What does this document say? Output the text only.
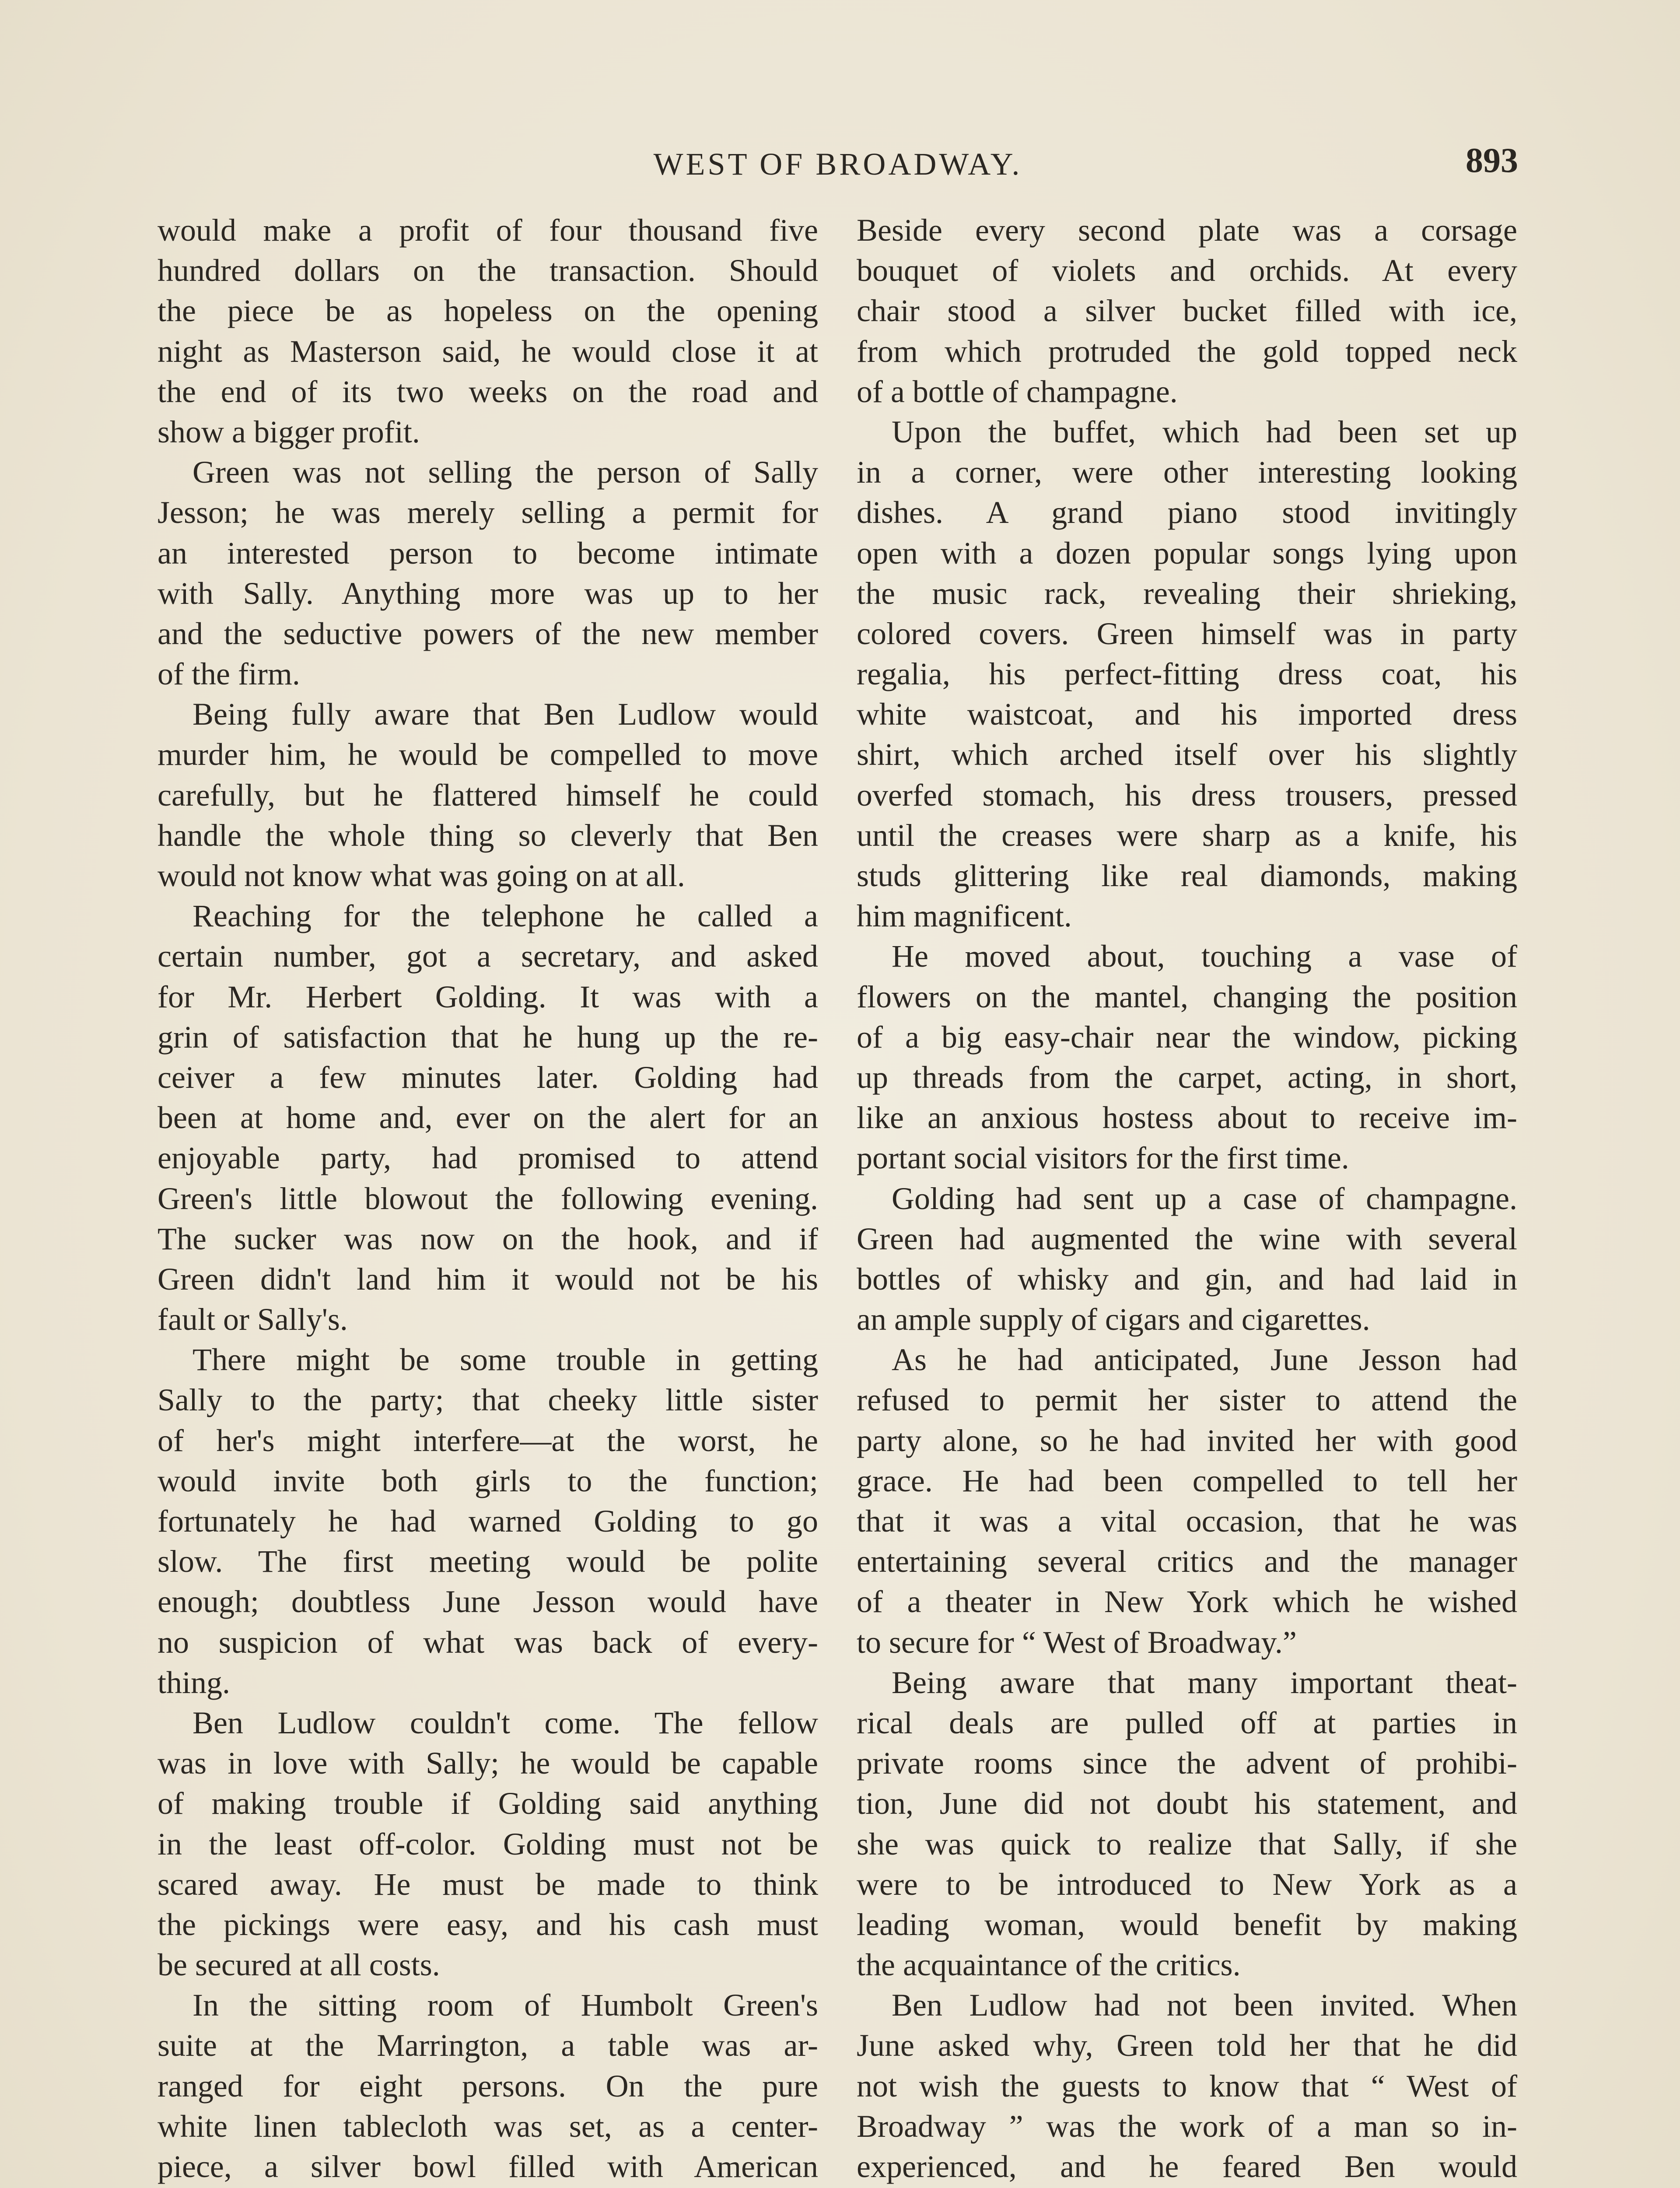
WEST OF BROADWAY.	893
would make a profit of four thousand five
hundred dollars on the transaction. Should
the piece be as hopeless on the opening
night as Masterson said, he would close it at
the end of its two weeks on the road and
show a bigger profit.
Green was not selling the person of Sally
Jesson; he was merely selling a permit for
an interested person to become intimate
with Sally. Anything more was up to her
and the seductive powers of the new member
of the firm.
Being fully aware that Ben Ludlow would
murder him, he would be compelled to move
carefully, but he flattered himself he could
handle the whole thing so cleverly that Ben
would not know what was going on at all.
Reaching for the telephone he called a
certain number, got a secretary, and asked
for Mr. Herbert Golding. It was with a
grin of satisfaction that he hung up the re-
ceiver a few minutes later. Golding had
been at home and, ever on the alert for an
enjoyable party, had promised to attend
Green's little blowout the following evening.
The sucker was now on the hook, and if
Green didn't land him it would not be his
fault or Sally's.
There might be some trouble in getting
Sally to the party; that cheeky little sister
of her's might interfere—at the worst, he
would invite both girls to the function;
fortunately he had warned Golding to go
slow. The first meeting would be polite
enough; doubtless June Jesson would have
no suspicion of what was back of every-
thing.
Ben Ludlow couldn't come. The fellow
was in love with Sally; he would be capable
of making trouble if Golding said anything
in the least off-color. Golding must not be
scared away. He must be made to think
the pickings were easy, and his cash must
be secured at all costs.
In the sitting room of Humbolt Green's
suite at the Marrington, a table was ar-
ranged for eight persons. On the pure
white linen tablecloth was set, as a center-
piece, a silver bowl filled with American
Beside every second plate was a corsage
bouquet of violets and orchids. At every
chair stood a silver bucket filled with ice,
from which protruded the gold topped neck
of a bottle of champagne.
Upon the buffet, which had been set up
in a corner, were other interesting looking
dishes. A grand piano stood invitingly
open with a dozen popular songs lying upon
the music rack, revealing their shrieking,
colored covers. Green himself was in party
regalia, his perfect-fitting dress coat, his
white waistcoat, and his imported dress
shirt, which arched itself over his slightly
overfed stomach, his dress trousers, pressed
until the creases were sharp as a knife, his
studs glittering like real diamonds, making
him magnificent.
He moved about, touching a vase of
flowers on the mantel, changing the position
of a big easy-chair near the window, picking
up threads from the carpet, acting, in short,
like an anxious hostess about to receive im-
portant social visitors for the first time.
Golding had sent up a case of champagne.
Green had augmented the wine with several
bottles of whisky and gin, and had laid in
an ample supply of cigars and cigarettes.
As he had anticipated, June Jesson had
refused to permit her sister to attend the
party alone, so he had invited her with good
grace. He had been compelled to tell her
that it was a vital occasion, that he was
entertaining several critics and the manager
of a theater in New York which he wished
to secure for “ West of Broadway.”
Being aware that many important theat-
rical deals are pulled off at parties in
private rooms since the advent of prohibi-
tion, June did not doubt his statement, and
she was quick to realize that Sally, if she
were to be introduced to New York as a
leading woman, would benefit by making
the acquaintance of the critics.
Ben Ludlow had not been invited. When
June asked why, Green told her that he did
not wish the guests to know that “ West of
Broadway ” was the work of a man so in-
experienced, and he feared Ben would
